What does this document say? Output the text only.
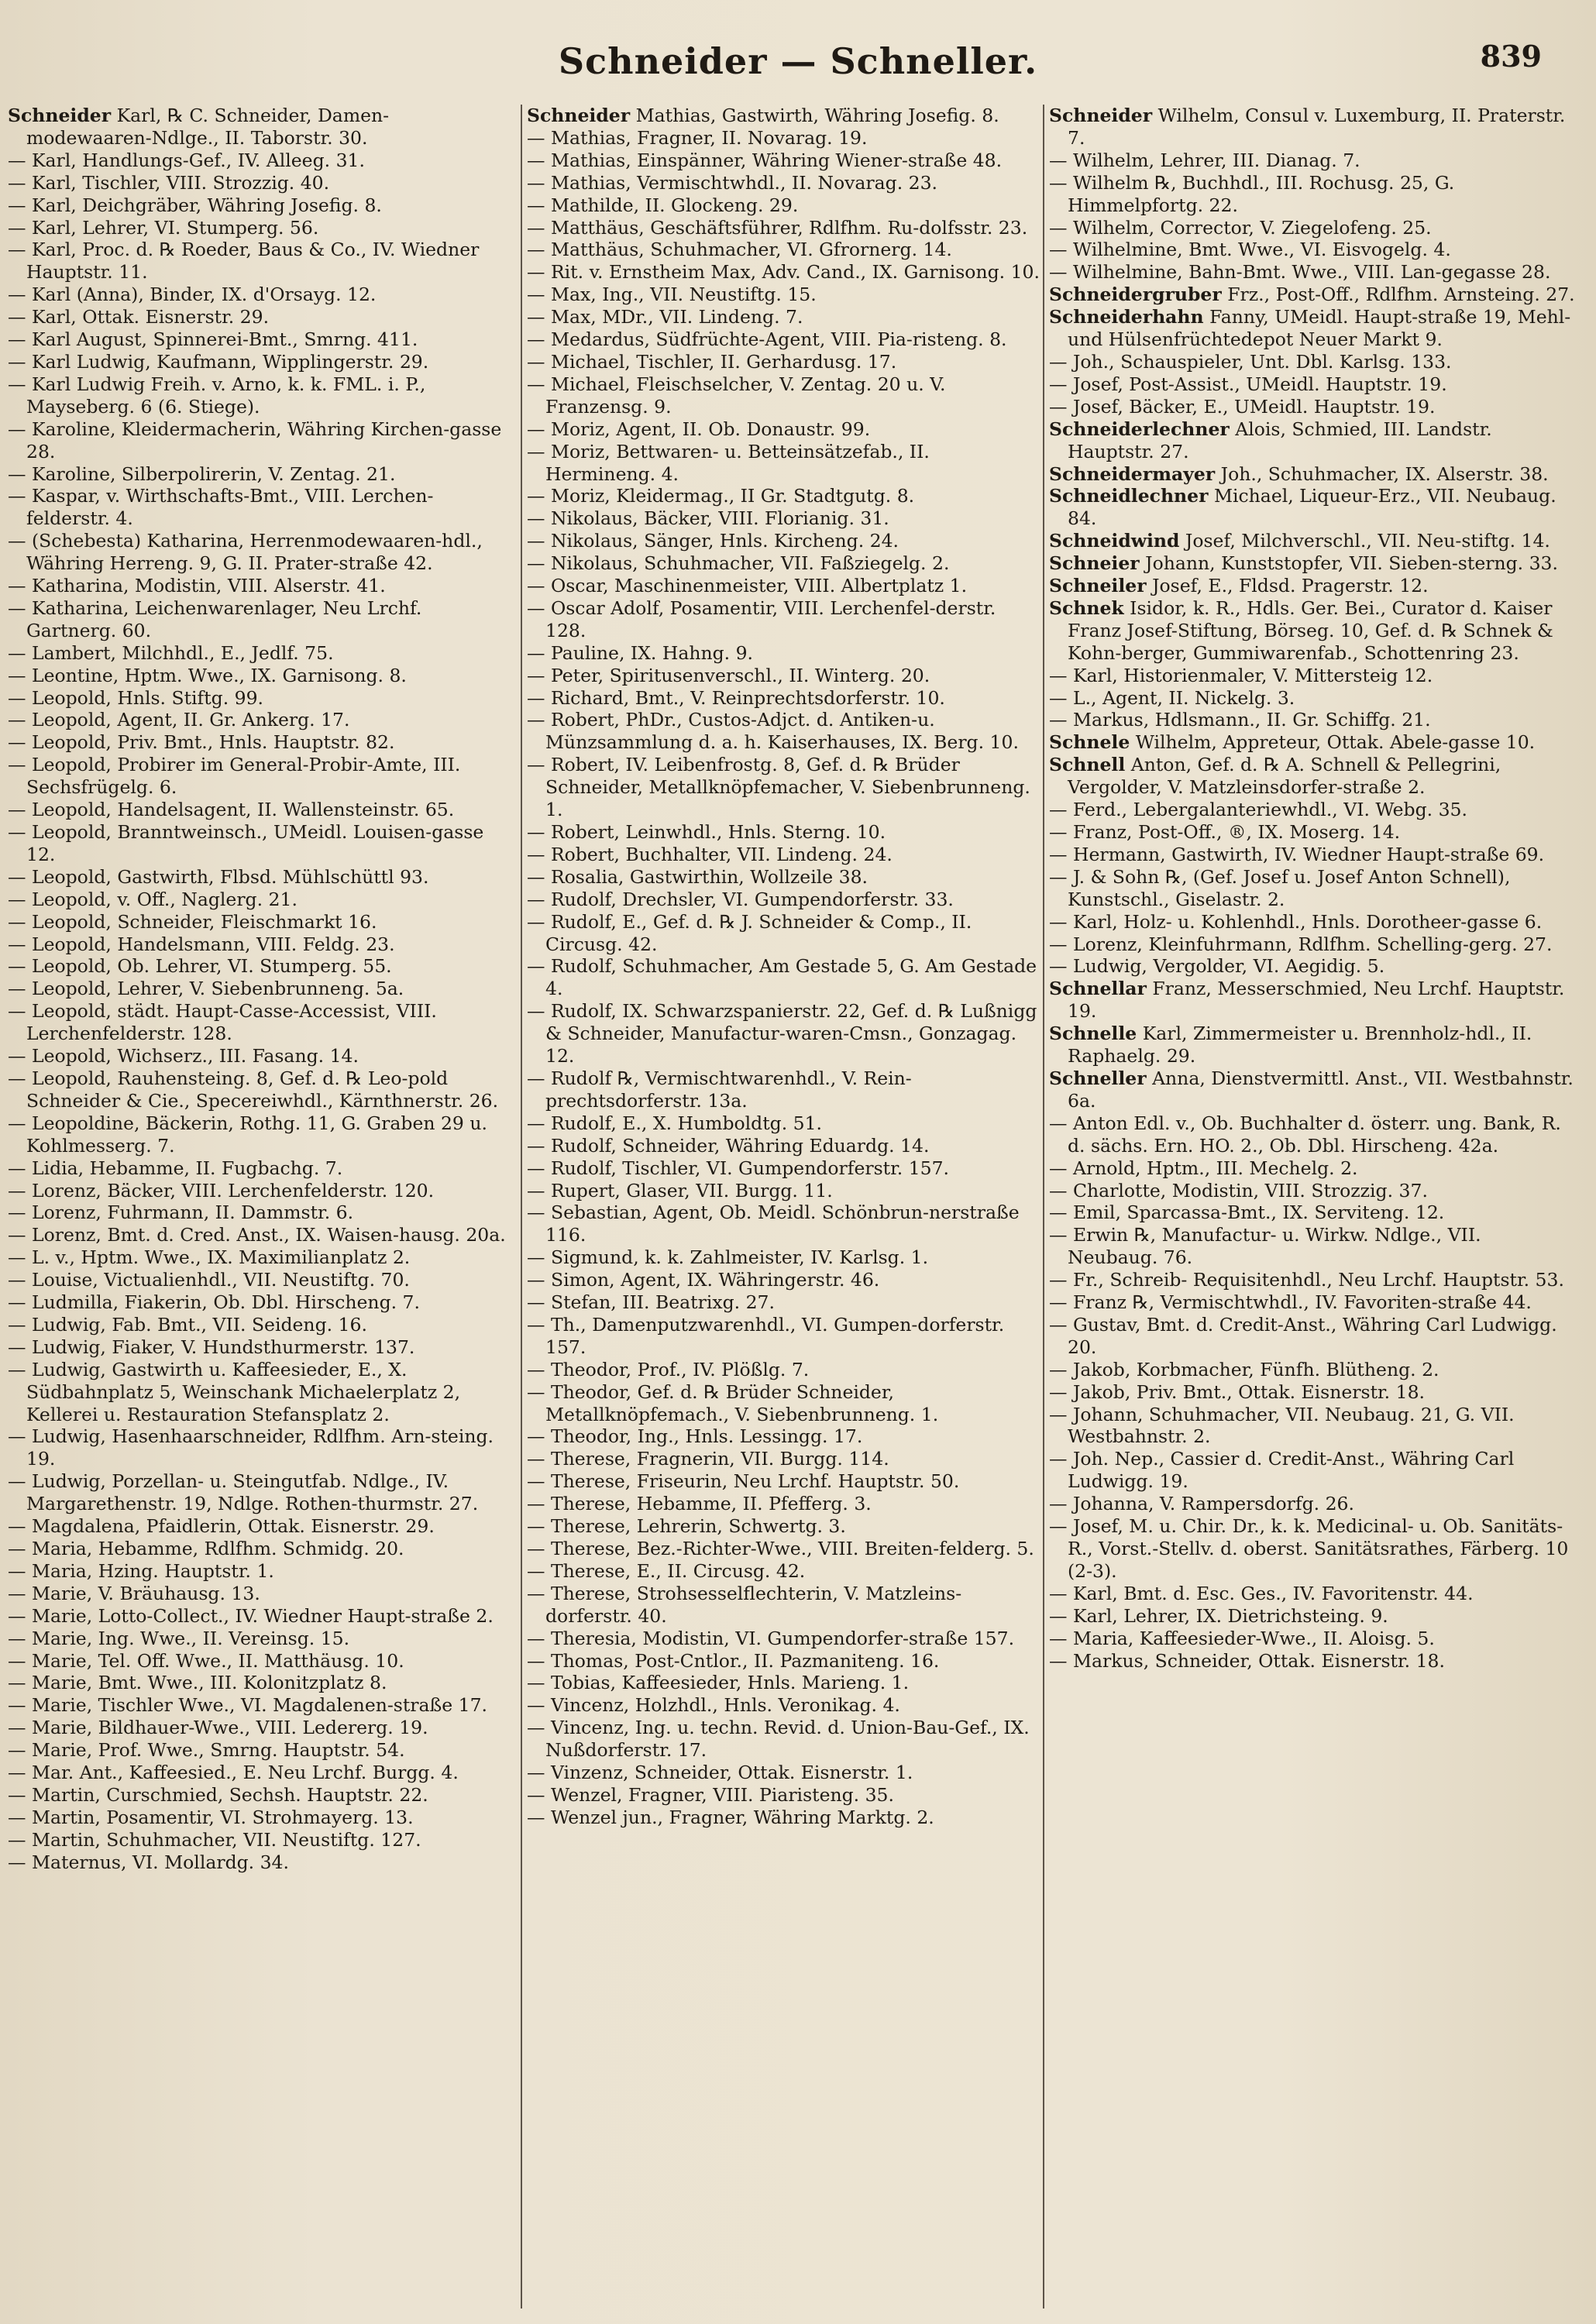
Schneider — Schneller.	839
Schneider Karl, ℞ C. Schneider, Damen-modewaaren-Ndlge., II. Taborstr. 30.
— Karl, Handlungs-Gef., IV. Alleeg. 31.
— Karl, Tischler, VIII. Strozzig. 40.
— Karl, Deichgräber, Währing Josefig. 8.
— Karl, Lehrer, VI. Stumperg. 56.
— Karl, Proc. d. ℞ Roeder, Baus & Co., IV. Wiedner Hauptstr. 11.
— Karl (Anna), Binder, IX. d'Orsayg. 12.
— Karl, Ottak. Eisnerstr. 29.
— Karl August, Spinnerei-Bmt., Smrng. 411.
— Karl Ludwig, Kaufmann, Wipplingerstr. 29.
— Karl Ludwig Freih. v. Arno, k. k. FML. i. P., Mayseberg. 6 (6. Stiege).
— Karoline, Kleidermacherin, Währing Kirchen-gasse 28.
— Karoline, Silberpolirerin, V. Zentag. 21.
— Kaspar, v. Wirthschafts-Bmt., VIII. Lerchen-felderstr. 4.
— (Schebesta) Katharina, Herrenmodewaaren-hdl., Währing Herreng. 9, G. II. Prater-straße 42.
— Katharina, Modistin, VIII. Alserstr. 41.
— Katharina, Leichenwarenlager, Neu Lrchf. Gartnerg. 60.
— Lambert, Milchhdl., E., Jedlf. 75.
— Leontine, Hptm. Wwe., IX. Garnisong. 8.
— Leopold, Hnls. Stiftg. 99.
— Leopold, Agent, II. Gr. Ankerg. 17.
— Leopold, Priv. Bmt., Hnls. Hauptstr. 82.
— Leopold, Probirer im General-Probir-Amte, III. Sechsfrügelg. 6.
— Leopold, Handelsagent, II. Wallensteinstr. 65.
— Leopold, Branntweinsch., UMeidl. Louisen-gasse 12.
— Leopold, Gastwirth, Flbsd. Mühlschüttl 93.
— Leopold, v. Off., Naglerg. 21.
— Leopold, Schneider, Fleischmarkt 16.
— Leopold, Handelsmann, VIII. Feldg. 23.
— Leopold, Ob. Lehrer, VI. Stumperg. 55.
— Leopold, Lehrer, V. Siebenbrunneng. 5a.
— Leopold, städt. Haupt-Casse-Accessist, VIII. Lerchenfelderstr. 128.
— Leopold, Wichserz., III. Fasang. 14.
— Leopold, Rauhensteing. 8, Gef. d. ℞ Leo-pold Schneider & Cie., Specereiwhdl., Kärnthnerstr. 26.
— Leopoldine, Bäckerin, Rothg. 11, G. Graben 29 u. Kohlmesserg. 7.
— Lidia, Hebamme, II. Fugbachg. 7.
— Lorenz, Bäcker, VIII. Lerchenfelderstr. 120.
— Lorenz, Fuhrmann, II. Dammstr. 6.
— Lorenz, Bmt. d. Cred. Anst., IX. Waisen-hausg. 20a.
— L. v., Hptm. Wwe., IX. Maximilianplatz 2.
— Louise, Victualienhdl., VII. Neustiftg. 70.
— Ludmilla, Fiakerin, Ob. Dbl. Hirscheng. 7.
— Ludwig, Fab. Bmt., VII. Seideng. 16.
— Ludwig, Fiaker, V. Hundsthurmerstr. 137.
— Ludwig, Gastwirth u. Kaffeesieder, E., X. Südbahnplatz 5, Weinschank Michaelerplatz 2, Kellerei u. Restauration Stefansplatz 2.
— Ludwig, Hasenhaarschneider, Rdlfhm. Arn-steing. 19.
— Ludwig, Porzellan- u. Steingutfab. Ndlge., IV. Margarethenstr. 19, Ndlge. Rothen-thurmstr. 27.
— Magdalena, Pfaidlerin, Ottak. Eisnerstr. 29.
— Maria, Hebamme, Rdlfhm. Schmidg. 20.
— Maria, Hzing. Hauptstr. 1.
— Marie, V. Bräuhausg. 13.
— Marie, Lotto-Collect., IV. Wiedner Haupt-straße 2.
— Marie, Ing. Wwe., II. Vereinsg. 15.
— Marie, Tel. Off. Wwe., II. Matthäusg. 10.
— Marie, Bmt. Wwe., III. Kolonitzplatz 8.
— Marie, Tischler Wwe., VI. Magdalenen-straße 17.
— Marie, Bildhauer-Wwe., VIII. Ledererg. 19.
— Marie, Prof. Wwe., Smrng. Hauptstr. 54.
— Mar. Ant., Kaffeesied., E. Neu Lrchf. Burgg. 4.
— Martin, Curschmied, Sechsh. Hauptstr. 22.
— Martin, Posamentir, VI. Strohmayerg. 13.
— Martin, Schuhmacher, VII. Neustiftg. 127.
— Maternus, VI. Mollardg. 34.
Schneider Mathias, Gastwirth, Währing Josefig. 8.
— Mathias, Fragner, II. Novarag. 19.
— Mathias, Einspänner, Währing Wiener-straße 48.
— Mathias, Vermischtwhdl., II. Novarag. 23.
— Mathilde, II. Glockeng. 29.
— Matthäus, Geschäftsführer, Rdlfhm. Ru-dolfsstr. 23.
— Matthäus, Schuhmacher, VI. Gfrornerg. 14.
— Rit. v. Ernstheim Max, Adv. Cand., IX. Garnisong. 10.
— Max, Ing., VII. Neustiftg. 15.
— Max, MDr., VII. Lindeng. 7.
— Medardus, Südfrüchte-Agent, VIII. Pia-risteng. 8.
— Michael, Tischler, II. Gerhardusg. 17.
— Michael, Fleischselcher, V. Zentag. 20 u. V. Franzensg. 9.
— Moriz, Agent, II. Ob. Donaustr. 99.
— Moriz, Bettwaren- u. Betteinsätzefab., II. Hermineng. 4.
— Moriz, Kleidermag., II Gr. Stadtgutg. 8.
— Nikolaus, Bäcker, VIII. Florianig. 31.
— Nikolaus, Sänger, Hnls. Kircheng. 24.
— Nikolaus, Schuhmacher, VII. Faßziegelg. 2.
— Oscar, Maschinenmeister, VIII. Albertplatz 1.
— Oscar Adolf, Posamentir, VIII. Lerchenfel-derstr. 128.
— Pauline, IX. Hahng. 9.
— Peter, Spiritusenverschl., II. Winterg. 20.
— Richard, Bmt., V. Reinprechtsdorferstr. 10.
— Robert, PhDr., Custos-Adjct. d. Antiken-u. Münzsammlung d. a. h. Kaiserhauses, IX. Berg. 10.
— Robert, IV. Leibenfrostg. 8, Gef. d. ℞ Brüder Schneider, Metallknöpfemacher, V. Siebenbrunneng. 1.
— Robert, Leinwhdl., Hnls. Sterng. 10.
— Robert, Buchhalter, VII. Lindeng. 24.
— Rosalia, Gastwirthin, Wollzeile 38.
— Rudolf, Drechsler, VI. Gumpendorferstr. 33.
— Rudolf, E., Gef. d. ℞ J. Schneider & Comp., II. Circusg. 42.
— Rudolf, Schuhmacher, Am Gestade 5, G. Am Gestade 4.
— Rudolf, IX. Schwarzspanierstr. 22, Gef. d. ℞ Lußnigg & Schneider, Manufactur-waren-Cmsn., Gonzagag. 12.
— Rudolf ℞, Vermischtwarenhdl., V. Rein-prechtsdorferstr. 13a.
— Rudolf, E., X. Humboldtg. 51.
— Rudolf, Schneider, Währing Eduardg. 14.
— Rudolf, Tischler, VI. Gumpendorferstr. 157.
— Rupert, Glaser, VII. Burgg. 11.
— Sebastian, Agent, Ob. Meidl. Schönbrun-nerstraße 116.
— Sigmund, k. k. Zahlmeister, IV. Karlsg. 1.
— Simon, Agent, IX. Währingerstr. 46.
— Stefan, III. Beatrixg. 27.
— Th., Damenputzwarenhdl., VI. Gumpen-dorferstr. 157.
— Theodor, Prof., IV. Plößlg. 7.
— Theodor, Gef. d. ℞ Brüder Schneider, Metallknöpfemach., V. Siebenbrunneng. 1.
— Theodor, Ing., Hnls. Lessingg. 17.
— Therese, Fragnerin, VII. Burgg. 114.
— Therese, Friseurin, Neu Lrchf. Hauptstr. 50.
— Therese, Hebamme, II. Pfefferg. 3.
— Therese, Lehrerin, Schwertg. 3.
— Therese, Bez.-Richter-Wwe., VIII. Breiten-felderg. 5.
— Therese, E., II. Circusg. 42.
— Therese, Strohsesselflechterin, V. Matzleins-dorferstr. 40.
— Theresia, Modistin, VI. Gumpendorfer-straße 157.
— Thomas, Post-Cntlor., II. Pazmaniteng. 16.
— Tobias, Kaffeesieder, Hnls. Marieng. 1.
— Vincenz, Holzhdl., Hnls. Veronikag. 4.
— Vincenz, Ing. u. techn. Revid. d. Union-Bau-Gef., IX. Nußdorferstr. 17.
— Vinzenz, Schneider, Ottak. Eisnerstr. 1.
— Wenzel, Fragner, VIII. Piaristeng. 35.
— Wenzel jun., Fragner, Währing Marktg. 2.
Schneider Wilhelm, Consul v. Luxemburg, II. Praterstr. 7.
— Wilhelm, Lehrer, III. Dianag. 7.
— Wilhelm ℞, Buchhdl., III. Rochusg. 25, G. Himmelpfortg. 22.
— Wilhelm, Corrector, V. Ziegelofeng. 25.
— Wilhelmine, Bmt. Wwe., VI. Eisvogelg. 4.
— Wilhelmine, Bahn-Bmt. Wwe., VIII. Lan-gegasse 28.
Schneidergruber Frz., Post-Off., Rdlfhm. Arnsteing. 27.
Schneiderhahn Fanny, UMeidl. Haupt-straße 19, Mehl- und Hülsenfrüchtedepot Neuer Markt 9.
— Joh., Schauspieler, Unt. Dbl. Karlsg. 133.
— Josef, Post-Assist., UMeidl. Hauptstr. 19.
— Josef, Bäcker, E., UMeidl. Hauptstr. 19.
Schneiderlechner Alois, Schmied, III. Landstr. Hauptstr. 27.
Schneidermayer Joh., Schuhmacher, IX. Alserstr. 38.
Schneidlechner Michael, Liqueur-Erz., VII. Neubaug. 84.
Schneidwind Josef, Milchverschl., VII. Neu-stiftg. 14.
Schneier Johann, Kunststopfer, VII. Sieben-sterng. 33.
Schneiler Josef, E., Fldsd. Pragerstr. 12.
Schnek Isidor, k. R., Hdls. Ger. Bei., Curator d. Kaiser Franz Josef-Stiftung, Börseg. 10, Gef. d. ℞ Schnek & Kohn-berger, Gummiwarenfab., Schottenring 23.
— Karl, Historienmaler, V. Mittersteig 12.
— L., Agent, II. Nickelg. 3.
— Markus, Hdlsmann., II. Gr. Schiffg. 21.
Schnele Wilhelm, Appreteur, Ottak. Abele-gasse 10.
Schnell Anton, Gef. d. ℞ A. Schnell & Pellegrini, Vergolder, V. Matzleinsdorfer-straße 2.
— Ferd., Lebergalanteriewhdl., VI. Webg. 35.
— Franz, Post-Off., ®, IX. Moserg. 14.
— Hermann, Gastwirth, IV. Wiedner Haupt-straße 69.
— J. & Sohn ℞, (Gef. Josef u. Josef Anton Schnell), Kunstschl., Giselastr. 2.
— Karl, Holz- u. Kohlenhdl., Hnls. Dorotheer-gasse 6.
— Lorenz, Kleinfuhrmann, Rdlfhm. Schelling-gerg. 27.
— Ludwig, Vergolder, VI. Aegidig. 5.
Schnellar Franz, Messerschmied, Neu Lrchf. Hauptstr. 19.
Schnelle Karl, Zimmermeister u. Brennholz-hdl., II. Raphaelg. 29.
Schneller Anna, Dienstvermittl. Anst., VII. Westbahnstr. 6a.
— Anton Edl. v., Ob. Buchhalter d. österr. ung. Bank, R. d. sächs. Ern. HO. 2., Ob. Dbl. Hirscheng. 42a.
— Arnold, Hptm., III. Mechelg. 2.
— Charlotte, Modistin, VIII. Strozzig. 37.
— Emil, Sparcassa-Bmt., IX. Serviteng. 12.
— Erwin ℞, Manufactur- u. Wirkw. Ndlge., VII. Neubaug. 76.
— Fr., Schreib- Requisitenhdl., Neu Lrchf. Hauptstr. 53.
— Franz ℞, Vermischtwhdl., IV. Favoriten-straße 44.
— Gustav, Bmt. d. Credit-Anst., Währing Carl Ludwigg. 20.
— Jakob, Korbmacher, Fünfh. Blütheng. 2.
— Jakob, Priv. Bmt., Ottak. Eisnerstr. 18.
— Johann, Schuhmacher, VII. Neubaug. 21, G. VII. Westbahnstr. 2.
— Joh. Nep., Cassier d. Credit-Anst., Währing Carl Ludwigg. 19.
— Johanna, V. Rampersdorfg. 26.
— Josef, M. u. Chir. Dr., k. k. Medicinal- u. Ob. Sanitäts-R., Vorst.-Stellv. d. oberst. Sanitätsrathes, Färberg. 10 (2-3).
— Karl, Bmt. d. Esc. Ges., IV. Favoritenstr. 44.
— Karl, Lehrer, IX. Dietrichsteing. 9.
— Maria, Kaffeesieder-Wwe., II. Aloisg. 5.
— Markus, Schneider, Ottak. Eisnerstr. 18.
